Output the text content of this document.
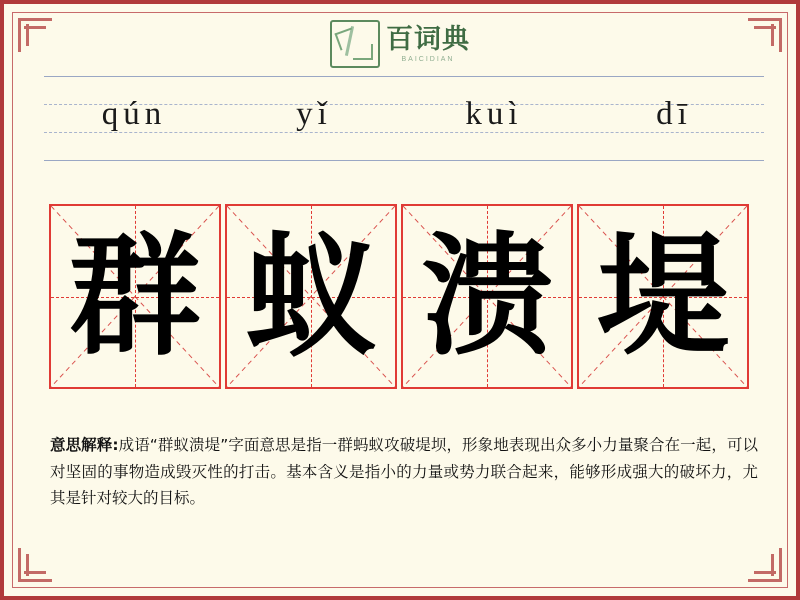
百词典
BAICIDIAN
qún	yǐ	kuì	dī
群 蚁 溃 堤
意思解释:成语“群蚁溃堤”字面意思是指一群蚂蚁攻破堤坝，形象地表现出众多小力量聚合在一起，可以对坚固的事物造成毁灭性的打击。基本含义是指小的力量或势力联合起来，能够形成强大的破坏力，尤其是针对较大的目标。
